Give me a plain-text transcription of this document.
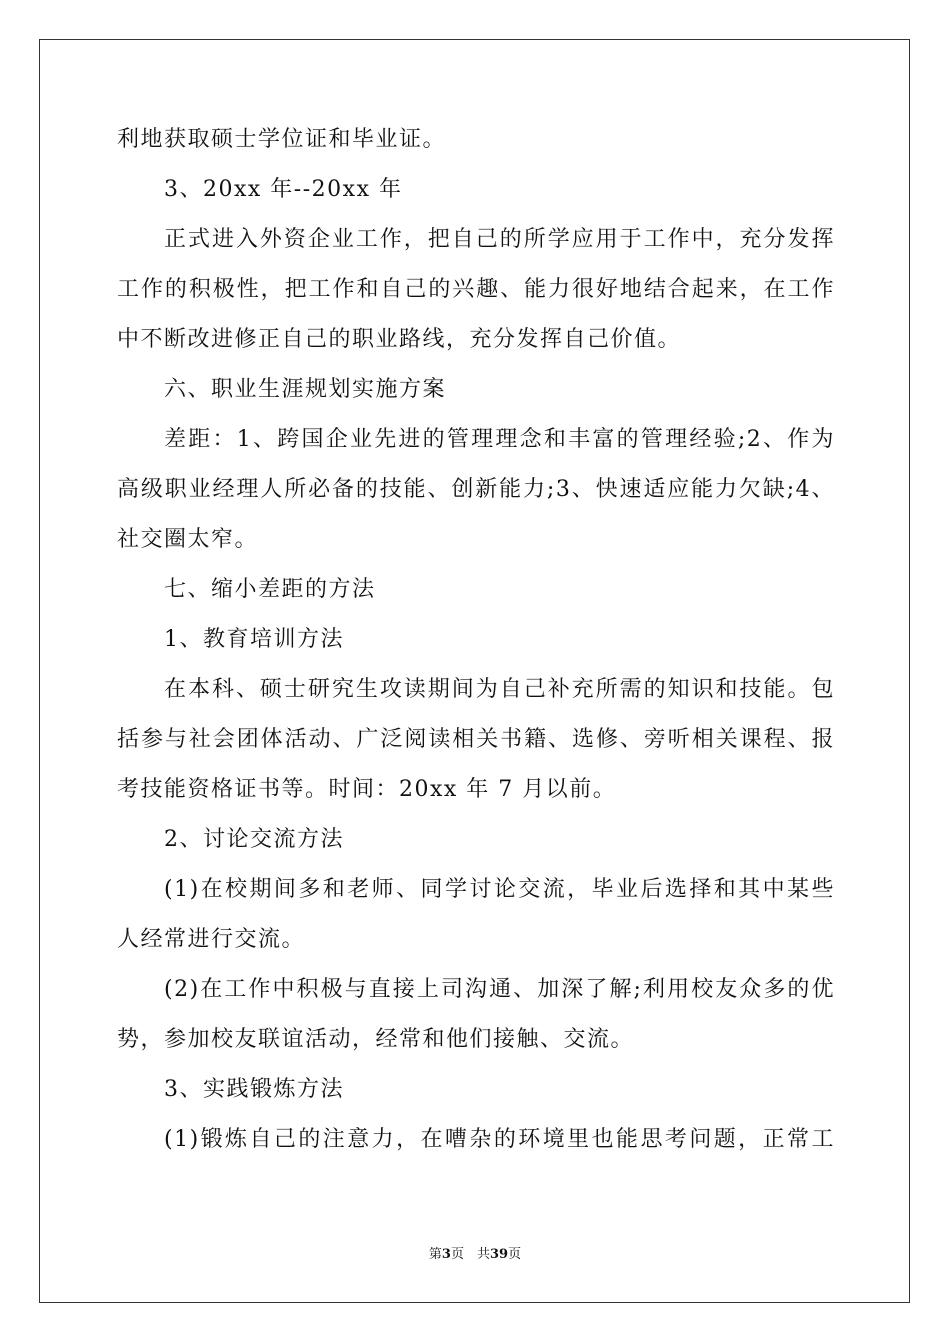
利地获取硕士学位证和毕业证。
3、20xx 年--20xx 年
正式进入外资企业工作，把自己的所学应用于工作中，充分发挥
工作的积极性，把工作和自己的兴趣、能力很好地结合起来，在工作
中不断改进修正自己的职业路线，充分发挥自己价值。
六、职业生涯规划实施方案
差距：1、跨国企业先进的管理理念和丰富的管理经验;2、作为
高级职业经理人所必备的技能、创新能力;3、快速适应能力欠缺;4、
社交圈太窄。
七、缩小差距的方法
1、教育培训方法
在本科、硕士研究生攻读期间为自己补充所需的知识和技能。包
括参与社会团体活动、广泛阅读相关书籍、选修、旁听相关课程、报
考技能资格证书等。时间：20xx 年 7 月以前。
2、讨论交流方法
(1)在校期间多和老师、同学讨论交流，毕业后选择和其中某些
人经常进行交流。
(2)在工作中积极与直接上司沟通、加深了解;利用校友众多的优
势，参加校友联谊活动，经常和他们接触、交流。
3、实践锻炼方法
(1)锻炼自己的注意力，在嘈杂的环境里也能思考问题，正常工
第3页　共39页
